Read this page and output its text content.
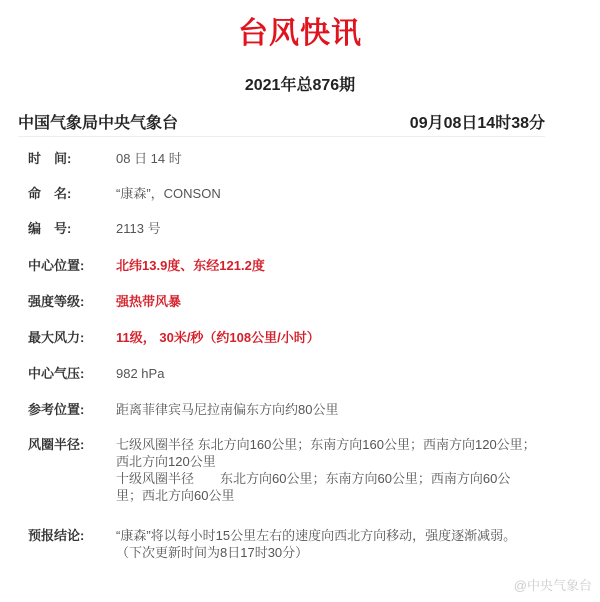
台风快讯
2021年总876期
中国气象局中央气象台	09月08日14时38分
时　间:	08 日 14 时
命　名:	“康森”，CONSON
编　号:	2113 号
中心位置:	北纬13.9度、东经121.2度
强度等级:	强热带风暴
最大风力:	11级， 30米/秒（约108公里/小时）
中心气压:	982 hPa
参考位置:	距离菲律宾马尼拉南偏东方向约80公里
风圈半径:	七级风圈半径 东北方向160公里；东南方向160公里；西南方向120公里；西北方向120公里
十级风圈半径　　东北方向60公里；东南方向60公里；西南方向60公里；西北方向60公里
预报结论:	“康森”将以每小时15公里左右的速度向西北方向移动，强度逐渐减弱。
（下次更新时间为8日17时30分）
@中央气象台
